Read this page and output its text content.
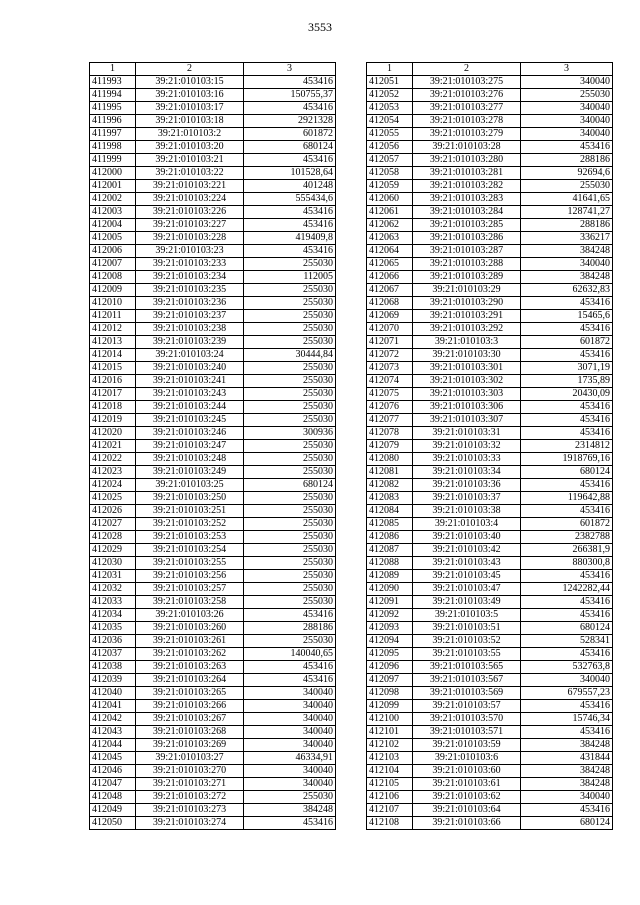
3553
1	2	3
411993	39:21:010103:15	453416
411994	39:21:010103:16	150755,37
411995	39:21:010103:17	453416
411996	39:21:010103:18	2921328
411997	39:21:010103:2	601872
411998	39:21:010103:20	680124
411999	39:21:010103:21	453416
412000	39:21:010103:22	101528,64
412001	39:21:010103:221	401248
412002	39:21:010103:224	555434,6
412003	39:21:010103:226	453416
412004	39:21:010103:227	453416
412005	39:21:010103:228	419409,8
412006	39:21:010103:23	453416
412007	39:21:010103:233	255030
412008	39:21:010103:234	112005
412009	39:21:010103:235	255030
412010	39:21:010103:236	255030
412011	39:21:010103:237	255030
412012	39:21:010103:238	255030
412013	39:21:010103:239	255030
412014	39:21:010103:24	30444,84
412015	39:21:010103:240	255030
412016	39:21:010103:241	255030
412017	39:21:010103:243	255030
412018	39:21:010103:244	255030
412019	39:21:010103:245	255030
412020	39:21:010103:246	300936
412021	39:21:010103:247	255030
412022	39:21:010103:248	255030
412023	39:21:010103:249	255030
412024	39:21:010103:25	680124
412025	39:21:010103:250	255030
412026	39:21:010103:251	255030
412027	39:21:010103:252	255030
412028	39:21:010103:253	255030
412029	39:21:010103:254	255030
412030	39:21:010103:255	255030
412031	39:21:010103:256	255030
412032	39:21:010103:257	255030
412033	39:21:010103:258	255030
412034	39:21:010103:26	453416
412035	39:21:010103:260	288186
412036	39:21:010103:261	255030
412037	39:21:010103:262	140040,65
412038	39:21:010103:263	453416
412039	39:21:010103:264	453416
412040	39:21:010103:265	340040
412041	39:21:010103:266	340040
412042	39:21:010103:267	340040
412043	39:21:010103:268	340040
412044	39:21:010103:269	340040
412045	39:21:010103:27	46334,91
412046	39:21:010103:270	340040
412047	39:21:010103:271	340040
412048	39:21:010103:272	255030
412049	39:21:010103:273	384248
412050	39:21:010103:274	453416
1	2	3
412051	39:21:010103:275	340040
412052	39:21:010103:276	255030
412053	39:21:010103:277	340040
412054	39:21:010103:278	340040
412055	39:21:010103:279	340040
412056	39:21:010103:28	453416
412057	39:21:010103:280	288186
412058	39:21:010103:281	92694,6
412059	39:21:010103:282	255030
412060	39:21:010103:283	41641,65
412061	39:21:010103:284	128741,27
412062	39:21:010103:285	288186
412063	39:21:010103:286	336217
412064	39:21:010103:287	384248
412065	39:21:010103:288	340040
412066	39:21:010103:289	384248
412067	39:21:010103:29	62632,83
412068	39:21:010103:290	453416
412069	39:21:010103:291	15465,6
412070	39:21:010103:292	453416
412071	39:21:010103:3	601872
412072	39:21:010103:30	453416
412073	39:21:010103:301	3071,19
412074	39:21:010103:302	1735,89
412075	39:21:010103:303	20430,09
412076	39:21:010103:306	453416
412077	39:21:010103:307	453416
412078	39:21:010103:31	453416
412079	39:21:010103:32	2314812
412080	39:21:010103:33	1918769,16
412081	39:21:010103:34	680124
412082	39:21:010103:36	453416
412083	39:21:010103:37	119642,88
412084	39:21:010103:38	453416
412085	39:21:010103:4	601872
412086	39:21:010103:40	2382788
412087	39:21:010103:42	266381,9
412088	39:21:010103:43	880300,8
412089	39:21:010103:45	453416
412090	39:21:010103:47	1242282,44
412091	39:21:010103:49	453416
412092	39:21:010103:5	453416
412093	39:21:010103:51	680124
412094	39:21:010103:52	528341
412095	39:21:010103:55	453416
412096	39:21:010103:565	532763,8
412097	39:21:010103:567	340040
412098	39:21:010103:569	679557,23
412099	39:21:010103:57	453416
412100	39:21:010103:570	15746,34
412101	39:21:010103:571	453416
412102	39:21:010103:59	384248
412103	39:21:010103:6	431844
412104	39:21:010103:60	384248
412105	39:21:010103:61	384248
412106	39:21:010103:62	340040
412107	39:21:010103:64	453416
412108	39:21:010103:66	680124
